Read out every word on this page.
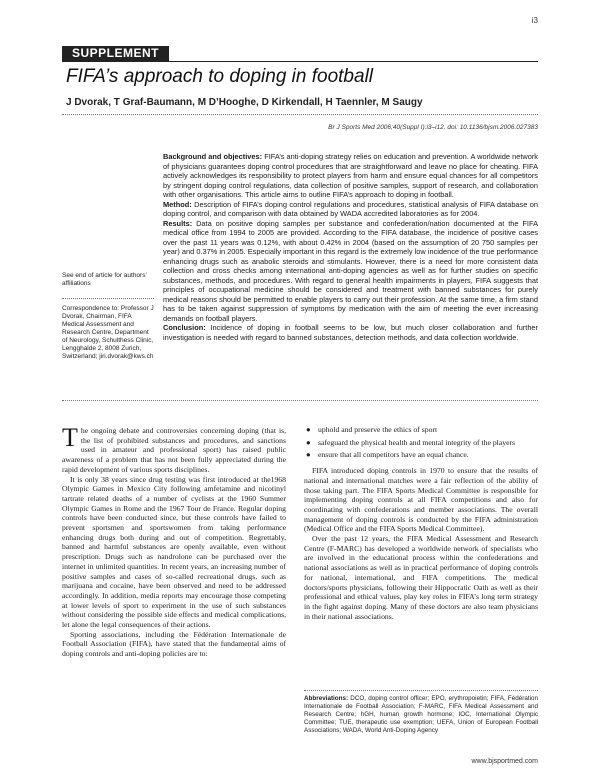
i3
SUPPLEMENT
FIFA’s approach to doping in football
J Dvorak, T Graf-Baumann, M D’Hooghe, D Kirkendall, H Taennler, M Saugy
Br J Sports Med 2006;40(Suppl I):i3–i12. doi: 10.1136/bjsm.2006.027383
See end of article for authors’ affiliations
Correspondence to: Professor J Dvorak, Chairman, FIFA Medical Assessment and Research Centre, Department of Neurology, Schulthess Clinic, Lengghalde 2, 8008 Zurich, Switzerland; jiri.dvorak@kws.ch

Background and objectives: FIFA’s anti-doping strategy relies on education and prevention. A worldwide network of physicians guarantees doping control procedures that are straightforward and leave no place for cheating. FIFA actively acknowledges its responsibility to protect players from harm and ensure equal chances for all competitors by stringent doping control regulations, data collection of positive samples, support of research, and collaboration with other organisations. This article aims to outline FIFA’s approach to doping in football.

Method: Description of FIFA’s doping control regulations and procedures, statistical analysis of FIFA database on doping control, and comparison with data obtained by WADA accredited laboratories as for 2004.

Results: Data on positive doping samples per substance and confederation/nation documented at the FIFA medical office from 1994 to 2005 are provided. According to the FIFA database, the incidence of positive cases over the past 11 years was 0.12%, with about 0.42% in 2004 (based on the assumption of 20 750 samples per year) and 0.37% in 2005. Especially important in this regard is the extremely low incidence of the true performance enhancing drugs such as anabolic steroids and stimulants. However, there is a need for more consistent data collection and cross checks among international anti-doping agencies as well as for further studies on specific substances, methods, and procedures. With regard to general health impairments in players, FIFA suggests that principles of occupational medicine should be considered and treatment with banned substances for purely medical reasons should be permitted to enable players to carry out their profession. At the same time, a firm stand has to be taken against suppression of symptoms by medication with the aim of meeting the ever increasing demands on football players.

Conclusion: Incidence of doping in football seems to be low, but much closer collaboration and further investigation is needed with regard to banned substances, detection methods, and data collection worldwide.

The ongoing debate and controversies concerning doping (that is, the list of prohibited substances and procedures, and sanctions used in amateur and professional sport) has raised public awareness of a problem that has not been fully appreciated during the rapid development of various sports disciplines.

It is only 38 years since drug testing was first introduced at the1968 Olympic Games in Mexico City following amfetamine and nicotinyl tartrate related deaths of a number of cyclists at the 1960 Summer Olympic Games in Rome and the 1967 Tour de France. Regular doping controls have been conducted since, but these controls have failed to prevent sportsmen and sportswomen from taking performance enhancing drugs both during and out of competition. Regrettably, banned and harmful substances are openly available, even without prescription. Drugs such as nandrolone can be purchased over the internet in unlimited quantities. In recent years, an increasing number of positive samples and cases of so-called recreational drugs, such as marijuana and cocaine, have been observed and need to be addressed accordingly. In addition, media reports may encourage those competing at lower levels of sport to experiment in the use of such substances without considering the possible side effects and medical complications, let alone the legal consequences of their actions.

Sporting associations, including the Fédération Internationale de Football Association (FIFA), have stated that the fundamental aims of doping controls and anti-doping policies are to:

● uphold and preserve the ethics of sport
● safeguard the physical health and mental integrity of the players
● ensure that all competitors have an equal chance.

FIFA introduced doping controls in 1970 to ensure that the results of national and international matches were a fair reflection of the ability of those taking part. The FIFA Sports Medical Committee is responsible for implementing doping controls at all FIFA competitions and also for coordinating with confederations and member associations. The overall management of doping controls is conducted by the FIFA administration (Medical Office and the FIFA Sports Medical Committee).

Over the past 12 years, the FIFA Medical Assessment and Research Centre (F-MARC) has developed a worldwide network of specialists who are involved in the educational process within the confederations and national associations as well as in practical performance of doping controls for national, international, and FIFA competitions. The medical doctors/sports physicians, following their Hippocratic Oath as well as their professional and ethical values, play key roles in FIFA’s long term strategy in the fight against doping. Many of these doctors are also team physicians in their national associations.

Abbreviations: DCO, doping control officer; EPO, erythropoietin; FIFA, Fédération Internationale de Football Association; F-MARC, FIFA Medical Assessment and Research Centre; hGH, human growth hormone; IOC, International Olympic Committee; TUE, therapeutic use exemption; UEFA, Union of European Football Associations; WADA, World Anti-Doping Agency
www.bjsportmed.com
